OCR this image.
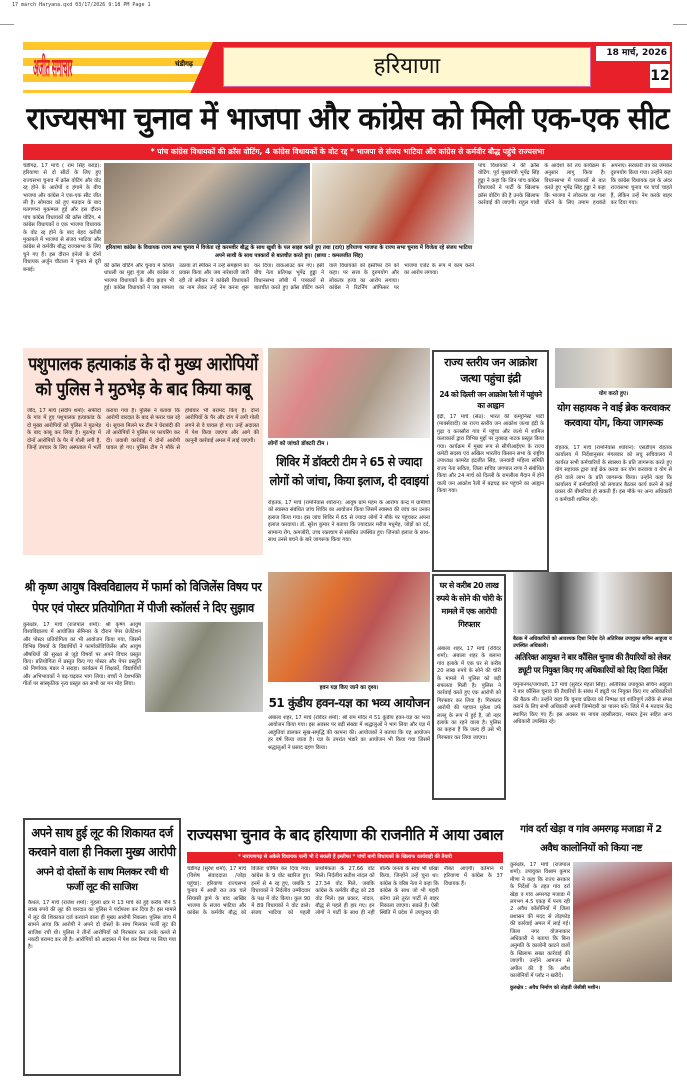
17 march Haryana.qxd 03/17/2026 9:18 PM Page 1
अजीत समाचार	चंडीगढ़	हरियाणा
18 मार्च, 2026
12
राज्यसभा चुनाव में भाजपा और कांग्रेस को मिली एक-एक सीट
* पांच कांग्रेस विधायकों की क्रॉस वोटिंग, 4 कांग्रेस विधायकों के वोट रद्द * भाजपा से संजय भाटिया और कांग्रेस से कर्मवीर बौद्ध पहुंचे राज्यसभा
चंडीगढ़, 17 मार्च ( राम सिंह बराड़): हरियाणा से दो सीटों के लिए हुए राज्यसभा चुनाव में क्रॉस वोटिंग और वोट रद्द होने के आरोपों व हंगामे के बीच भाजपा और कांग्रेस ने एक-एक सीट जीत ली है। सोमवार को हुए मतदान के बाद मतगणना मुकम्मल हुई और इस दौरान पांच कांग्रेस विधायकों की क्रॉस वोटिंग, 4 कांग्रेस विधायकों व एक भाजपा विधायक के वोट रद्द होने के बाद बेहद करीबी मुकाबले में भाजपा से संजय भाटिया और कांग्रेस से कर्मवीर बौद्ध राज्यसभा के लिए चुने गए हैं। इस दौरान इनेलो के दोनों विधायक अर्जुन चौटाला ने चुनाव से दूरी बनाई।
हरियाणा कांग्रेस के विधायक राज्य सभा चुनाव में विजेता रहे करमवीर बौद्ध के साथ खुशी के पल साझा करते हुए तथा (दाएं) हरियाणा भाजपा के राज्य सभा चुनाव में विजेता रहे संजय भाटिया अपने साथी के साथ पत्रकारों से बातचीत करते हुए। (छाया : कमलजीत सिंह)
की क्रॉस वोटिंग और चुनाव में कथित धांधली का मुद्दा गूंजा और कांग्रेस व भाजपा विधायकों के बीच झड़प भी हुई। कांग्रेस विधायकों ने जब मामला उठाया तो स्पीकर ने उन्हें समझाने का प्रयास किया और जब नारेबाजी जारी रही तो स्पीकर ने कांग्रेसी विधायकों का नाम लेकर उन्हें नेम करना शुरू कर दिया। वाकआउट कर गए। इसी बीच नेता प्रतिपक्ष भूपेंद्र हुड्डा ने विधानसभा लॉबी में पत्रकारों से बातचीत करते हुए क्रॉस वोटिंग करने वाले विधायकों को इस्तीफा देने को कहा। पर सत्ता के दुरुपयोग और लोकतंत्र हत्या का आरोप लगाया। कांग्रेस ने रिटर्निंग ऑफिसर पर भाजपा एजेंट के रूप में काम करने का आरोप लगाया।
पांच विधायकों ने की क्रॉस वोटिंग: पूर्व मुख्यमंत्री भूपेंद्र सिंह हुड्डा ने कहा कि जिन पांच कांग्रेस विधायकों ने पार्टी के खिलाफ क्रॉस वोटिंग की है उनके खिलाफ कार्रवाई की जाएगी। राहुल गांधी के आदेशों को तय कार्यक्रम के अनुसार लागू किया है। विधानसभा में पत्रकारों से बात करते हुए भूपेंद्र सिंह हुड्डा ने कहा कि भाजपा ने लोकतंत्र का गला घोंटने के लिए तमाम हथकंडे अपनाए। सरकारी तंत्र का जमकर दुरुपयोग किया गया। उन्होंने कहा कि कांग्रेस विधायक दल के अंदर राज्यसभा चुनाव पर चर्चा चाहते हैं, लेकिन उन्हें नेम करके बाहर कर दिया गया।
पशुपालक हत्याकांड के दो मुख्य आरोपियों को पुलिस ने मुठभेड़ के बाद किया काबू
जींद, 17 मार्च (संदीप शर्मा): सफीदों के गांव में हुए पशुपालक हत्याकांड के दो मुख्य आरोपियों को पुलिस ने मुठभेड़ के बाद काबू कर लिया है। मुठभेड़ में दोनों आरोपियों के पैर में गोली लगी है, जिन्हें उपचार के लिए अस्पताल में भर्ती कराया गया है। पुलिस ने बताया कि आरोपी वारदात के बाद से फरार चल रहे थे। सूचना मिलने पर टीम ने घेराबंदी की तो आरोपियों ने पुलिस पर फायरिंग कर दी। जवाबी कार्रवाई में दोनों आरोपी घायल हो गए। पुलिस टीम ने मौके से हथियार भी बरामद किए हैं। दोनों आरोपियों के पैर और टांग में लगी गोली लगने से वे घायल हो गए। उन्हें अदालत में पेश किया जाएगा और आगे की कानूनी कार्रवाई अमल में लाई जाएगी।
लोगों को जांचते डॉक्टरी टीम ।
शिविर में डॉक्टरी टीम ने 65 से ज्यादा लोगों को जांचा, किया इलाज, दी दवाइयां
रोहतक, 17 मार्च (रामनिवास श्योरान): आयुष ग्राम महम के आरोग्य केन्द्र में ग्रामीणों को स्वास्थ्य संबंधित जांच शिविर का आयोजन किया जिसमें स्वास्थ्य की जांच कर उनका इलाज किया गया। इस जांच शिविर में 65 से ज्यादा लोगों ने मौके पर पहुंचकर अपना इलाज करवाया। डॉ. सुरेश कुमार ने बताया कि ज्यादातर मरीज मधुमेह, जोड़ों का दर्द, सामान्य रोग, कमजोरी, उच्च रक्तचाप से संबंधित उपस्थित हुए। जिनको इलाज के साथ-साथ उनसे बचने के बारे जागरूक किया गया।
राज्य स्तरीय जन आक्रोश जत्था पहुंचा इंद्री
24 को दिल्ली जन आक्रोश रैली में पहुंचने का आह्वान
इंद्री, 17 मार्च (सेठ): भारत की कम्युनिस्ट पार्टी (मार्क्सवादी) का राज्य स्तरीय जन आक्रोश जत्था इंद्री के गुढ़ा व कलसौरा गांव में पहुंचा और जत्थे में शामिल कलाकारों द्वारा विभिन्न मुद्दों पर नुक्कड़ नाटक प्रस्तुत किया गया। कार्यक्रम में मुख्य रूप से सीपीआईएम के राज्य कमेटी सदस्य एवं अखिल भारतीय किसान सभा के राष्ट्रीय उपाध्यक्ष कामरेड इंद्रजीत सिंह, जनवादी महिला समिति राज्य नेता सविता, जिला सचिव जगपाल राणा ने संबोधित किया और 24 मार्च को दिल्ली के रामलीला मैदान में होने वाली जन आक्रोश रैली में बढ़चढ़ कर पहुंचने का आह्वान किया गया।
योग करते हुए।
योग सहायक ने वाई ब्रेक करवाकर करवाया योग, किया जागरूक
रोहतक, 17 मार्च (रामनिवास श्योरान): एसडीएम रोहतक कार्यालय में निर्देशानुसार मंगलवार को लघु सचिवालय में कार्यरत सभी कर्मचारियों के स्वास्थ्य के प्रति जागरूक करते हुए योग सहायक द्वारा वाई ब्रेक करवा कर योग करवाया व योग से होने वाले लाभ के प्रति जागरूक किया। उन्होंने कहा कि कार्यालय में कर्मचारियों को लगातार बैठकर कार्य करने से कई प्रकार की बीमारियां हो सकती हैं। इस मौके पर अन्य अधिकारी व कर्मचारी शामिल रहे।
श्री कृष्ण आयुष विश्वविद्यालय में फार्मा को विजिलेंस विषय पर पेपर एवं पोस्टर प्रतियोगिता में पीजी स्कॉलर्स ने दिए सुझाव
कुरुक्षेत्र, 17 मार्च (राजपाल शर्मा): श्री कृष्ण आयुष विश्वविद्यालय में आयोजित सेमिनार के दौरान पेपर प्रेजेंटेशन और पोस्टर प्रतियोगिता का भी आयोजन किया गया, जिसमें विभिन्न विषयों के विद्यार्थियों ने फार्माकोविजिलेंस और आयुष औषधियों की सुरक्षा से जुड़े विषयों पर अपने विचार प्रस्तुत किए। प्रतियोगिता में प्रस्तुत किए गए पोस्टर और पेपर प्रस्तुति को निर्णायक मंडल ने सराहा। कार्यक्रम में शिक्षकों, विद्यार्थियों और अभिभावकों ने बढ़-चढ़कर भाग लिया। बच्चों ने देशभक्ति गीतों पर सांस्कृतिक नृत्य प्रस्तुत कर सभी का मन मोह लिया।
हवन यज्ञ किए जाने का दृश्य।
51 कुंडीय हवन-यज्ञ का भव्य आयोजन
अंबाला शहर, 17 मार्च (रविंदर शर्मा): श्री राम मंदिर में 51 कुंडीय हवन-यज्ञ का भव्य आयोजन किया गया। इस अवसर पर बड़ी संख्या में श्रद्धालुओं ने भाग लिया और यज्ञ में आहुतियां डालकर सुख-समृद्धि की कामना की। आयोजकों ने बताया कि यह आयोजन हर वर्ष किया जाता है। यज्ञ के उपरांत भंडारे का आयोजन भी किया गया जिसमें श्रद्धालुओं ने प्रसाद ग्रहण किया।
घर से करीब 20 लाख रुपये के सोने की चोरी के मामले में एक आरोपी गिरफ्तार
अंबाला शहर, 17 मार्च (रविंदर शर्मा): अंबाला शहर के बलाना गांव इलाके में एक घर से करीब 20 लाख रुपये के सोने की चोरी के मामले में पुलिस को बड़ी सफलता मिली है। पुलिस ने कार्रवाई करते हुए एक आरोपी को गिरफ्तार कर लिया है। गिरफ्तार आरोपी की पहचान मुकेश उर्फ लल्लू के रूप में हुई है, जो नहर इलाके का रहने वाला है। पुलिस का कहना है कि जल्द ही उसे भी गिरफ्तार कर लिया जाएगा।
बैठक में अधिकारियों को आवश्यक दिशा निर्देश देते अतिरिक्त उपायुक्त सचिन आहूजा व उपस्थित अधिकारी।
अतिरिक्त आयुक्त ने बार कौंसिल चुनाव की तैयारियों को लेकर ड्यूटी पर नियुक्त किए गए अधिकारियों को दिए दिशा निर्देश
यमुनानगर/जगाधरी, 17 मार्च (सुरेंदर मेहता सिंह): अतिरिक्त उपायुक्त सचिन आहूजा ने बार कौंसिल चुनाव की तैयारियों के संबंध में ड्यूटी पर नियुक्त किए गए अधिकारियों की बैठक ली। उन्होंने कहा कि चुनाव प्रक्रिया को निष्पक्ष एवं शांतिपूर्ण तरीके से संपन्न कराने के लिए सभी अधिकारी अपनी जिम्मेदारी का पालन करें। जिले में 4 मतदान केंद्र स्थापित किए गए हैं। इस अवसर पर नायब तहसीलदार, मास्टर ट्रेनर सहित अन्य अधिकारी उपस्थित रहे।
अपने साथ हुई लूट की शिकायत दर्ज करवाने वाला ही निकला मुख्य आरोपी
अपने दो दोस्तों के साथ मिलकर रची थी फर्जी लूट की साजिश
कैथल, 17 मार्च (राजेश शर्मा): गुहला क्षेत्र में 13 मार्च को हुई करीब पौने 5 लाख रुपये की लूट की वारदात का पुलिस ने पर्दाफाश कर दिया है। इस मामले में लूट की शिकायत दर्ज करवाने वाला ही मुख्य आरोपी निकला। पुलिस जांच में सामने आया कि आरोपी ने अपने दो दोस्तों के साथ मिलकर फर्जी लूट की साजिश रची थी। पुलिस ने तीनों आरोपियों को गिरफ्तार कर उनके कब्जे से नकदी बरामद कर ली है। आरोपियों को अदालत में पेश कर रिमांड पर लिया गया है।
राज्यसभा चुनाव के बाद हरियाणा की राजनीति में आया उबाल
* नारायणगढ़ से अकेले विधायक पत्नी भी दे सकती हैं इस्तीफा * पांचों बागी विधायकों के खिलाफ कार्यवाही की तैयारी
चंडीगढ़ (सुरेश शर्मा), 17 मार्च (विशेष संवाददाता /जोड़ा पहुंचा): हरियाणा राज्यसभा चुनाव में आधी रात तक चले सियासी ड्रामे के बाद आखिर भाजपा के संजय भाटिया और कांग्रेस के कर्मवीर बौद्ध को विजेता घोषित कर दिया गया। कांग्रेस के 9 वोट खारिज हुए। इनमें से 4 रद्द हुए, जबकि 5 विधायकों ने निर्दलीय उम्मीदवार के पक्ष में वोट किया। कुल 90 में 89 विधायकों ने वोट डाले। संजय भाटिया को पहली प्राथमिकता के 27.66 वोट मिले। निर्दलीय सतीश नांदल को 27.34 वोट मिले, जबकि कांग्रेस के कर्मवीर बौद्ध को 28 वोट मिले। इस प्रकार, नांदल, बौद्ध से पहले ही हार गए। इन लोगों ने पार्टी के साथ ही नहीं बल्कि जनता के साथ भी धोखा किया, जिन्होंने उन्हें चुना था। कांग्रेस के वरिष्ठ नेता ने कहा कि कांग्रेस के साथ जो भी गद्दारी करेगा उसे तुरंत पार्टी से बाहर निकाला जाएगा। सकते हैं। ऐसी स्थिति में प्रदेश में उपचुनाव की नौबत आएगी। वर्तमान में हरियाणा में कांग्रेस के 37 विधायक हैं।
गांव दर्रा खेड़ा व गांव अमरगढ़ मजाडा में 2 अवैध कालोनियों को किया नष्ट
कुरुक्षेत्र, 17 मार्च (राजपाल शर्मा): उपायुक्त विश्राम कुमार मीणा ने कहा कि राज्य सरकार के निर्देशों के तहत गांव दर्रा खेड़ा व गांव अमरगढ़ मजाडा में लगभग 4.5 एकड़ में पनप रही 2 अवैध कॉलोनियों में जिला प्रशासन की मदद से तोड़फोड़ की कार्रवाई अमल में लाई गई। जिला नगर योजनाकार अधिकारी ने बताया कि बिना अनुमति के कालोनी काटने वालों के खिलाफ सख्त कार्रवाई की जाएगी। उन्होंने आमजन से अपील की है कि अवैध कालोनियों में प्लॉट न खरीदें।
कुरुक्षेत्र : अवैध निर्माण को तोड़ती जेसीबी मशीन।
